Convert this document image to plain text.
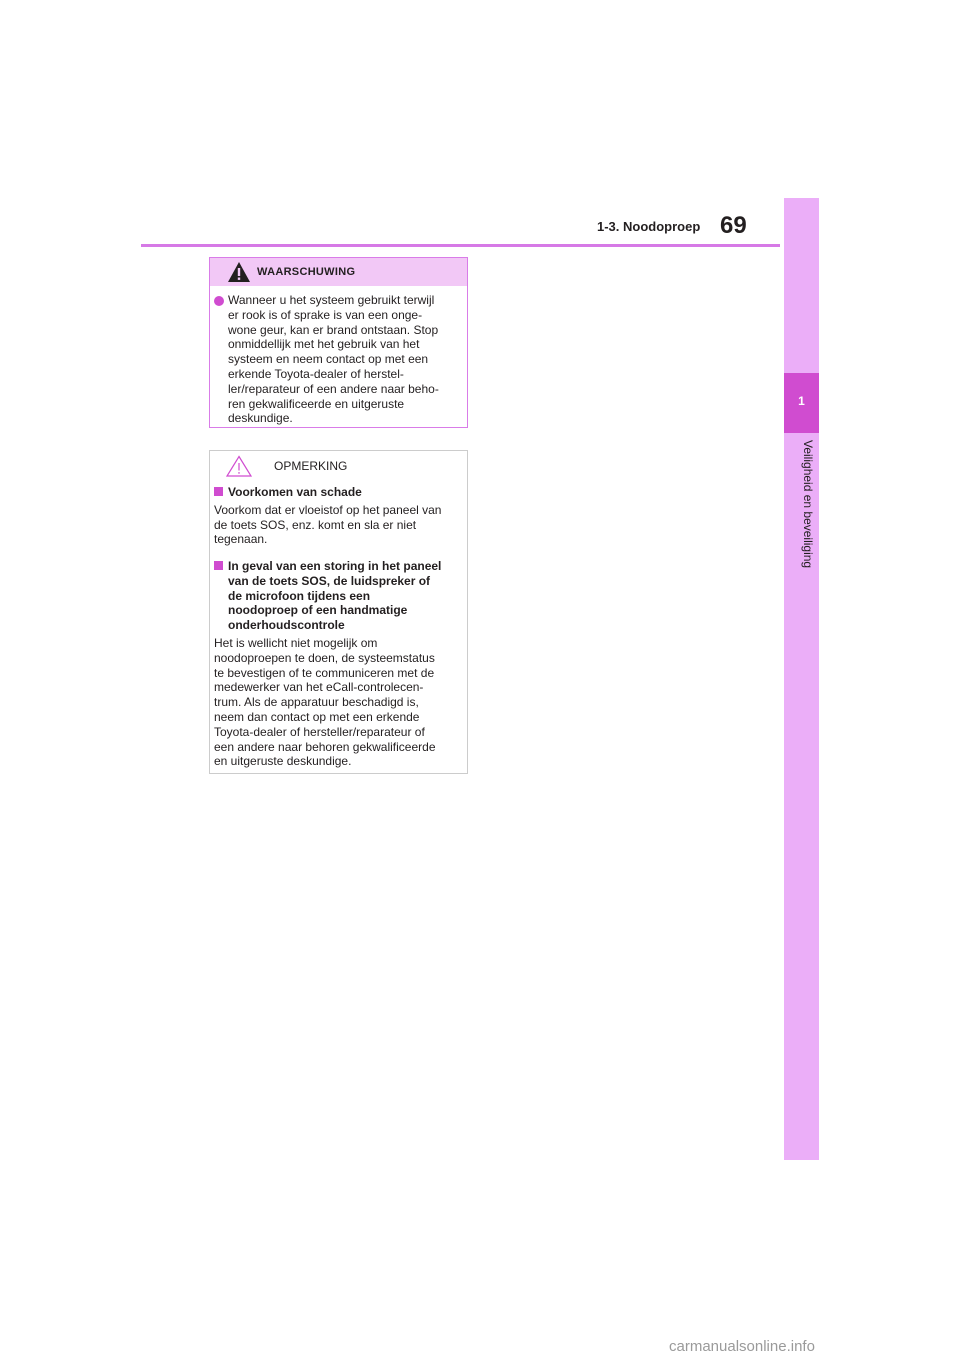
1-3. Noodoproep 69
1
Veiligheid en beveiliging
WAARSCHUWING
Wanneer u het systeem gebruikt terwijl
er rook is of sprake is van een onge-
wone geur, kan er brand ontstaan. Stop
onmiddellijk met het gebruik van het
systeem en neem contact op met een
erkende Toyota-dealer of herstel-
ler/reparateur of een andere naar beho-
ren gekwalificeerde en uitgeruste
deskundige.
OPMERKING
Voorkomen van schade
Voorkom dat er vloeistof op het paneel van
de toets SOS, enz. komt en sla er niet
tegenaan.
In geval van een storing in het paneel
van de toets SOS, de luidspreker of
de microfoon tijdens een
noodoproep of een handmatige
onderhoudscontrole
Het is wellicht niet mogelijk om
noodoproepen te doen, de systeemstatus
te bevestigen of te communiceren met de
medewerker van het eCall-controlecen-
trum. Als de apparatuur beschadigd is,
neem dan contact op met een erkende
Toyota-dealer of hersteller/reparateur of
een andere naar behoren gekwalificeerde
en uitgeruste deskundige.
carmanualsonline.info
